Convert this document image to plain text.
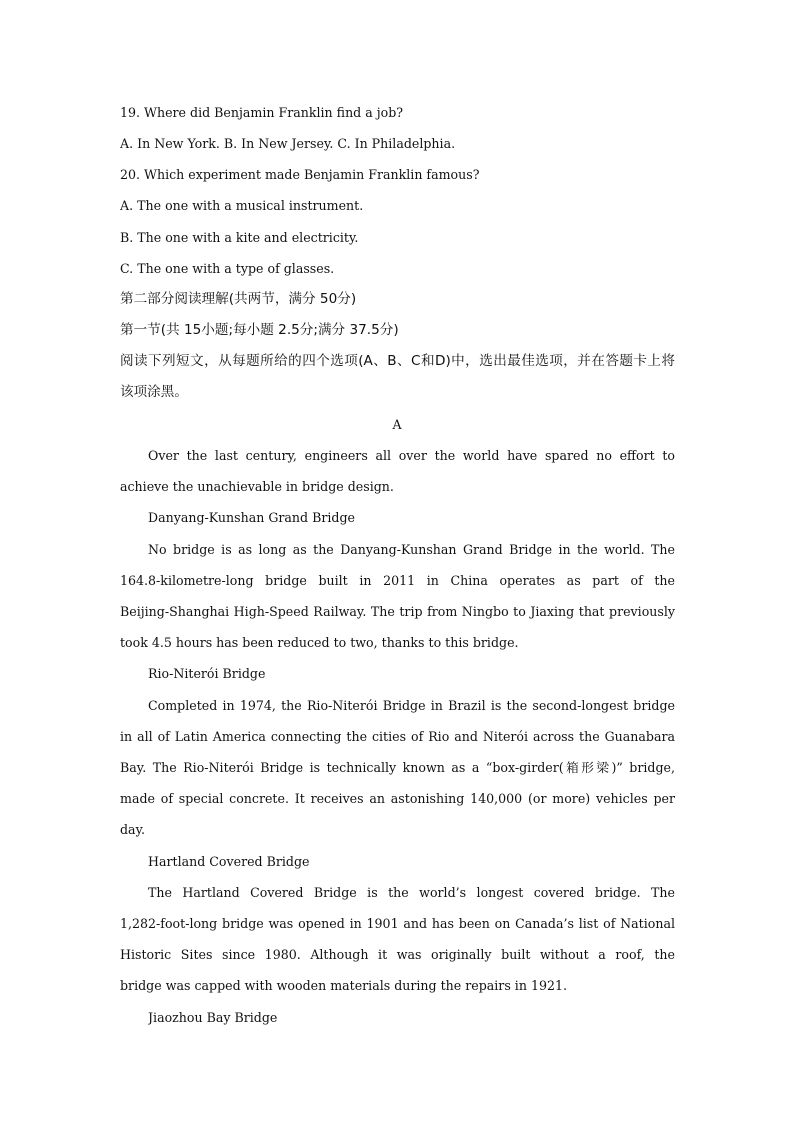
19. Where did Benjamin Franklin find a job?
A. In New York. B. In New Jersey. C. In Philadelphia.
20. Which experiment made Benjamin Franklin famous?
A. The one with a musical instrument.
B. The one with a kite and electricity.
C. The one with a type of glasses.
第二部分阅读理解(共两节，满分 50分)
第一节(共 15小题;每小题 2.5分;满分 37.5分)
阅读下列短文，从每题所给的四个选项(A、B、C和D)中，选出最佳选项，并在答题卡上将
该项涂黑。
A
Over the last century, engineers all over the world have spared no effort to
achieve the unachievable in bridge design.
Danyang-Kunshan Grand Bridge
No bridge is as long as the Danyang-Kunshan Grand Bridge in the world. The
164.8-kilometre-long bridge built in 2011 in China operates as part of the
Beijing-Shanghai High-Speed Railway. The trip from Ningbo to Jiaxing that previously
took 4.5 hours has been reduced to two, thanks to this bridge.
Rio-Niterói Bridge
Completed in 1974, the Rio-Niterói Bridge in Brazil is the second-longest bridge
in all of Latin America connecting the cities of Rio and Niterói across the Guanabara
Bay. The Rio-Niterói Bridge is technically known as a “box-girder(箱形梁)” bridge,
made of special concrete. It receives an astonishing 140,000 (or more) vehicles per
day.
Hartland Covered Bridge
The Hartland Covered Bridge is the world’s longest covered bridge. The
1,282-foot-long bridge was opened in 1901 and has been on Canada’s list of National
Historic Sites since 1980. Although it was originally built without a roof, the
bridge was capped with wooden materials during the repairs in 1921.
Jiaozhou Bay Bridge
